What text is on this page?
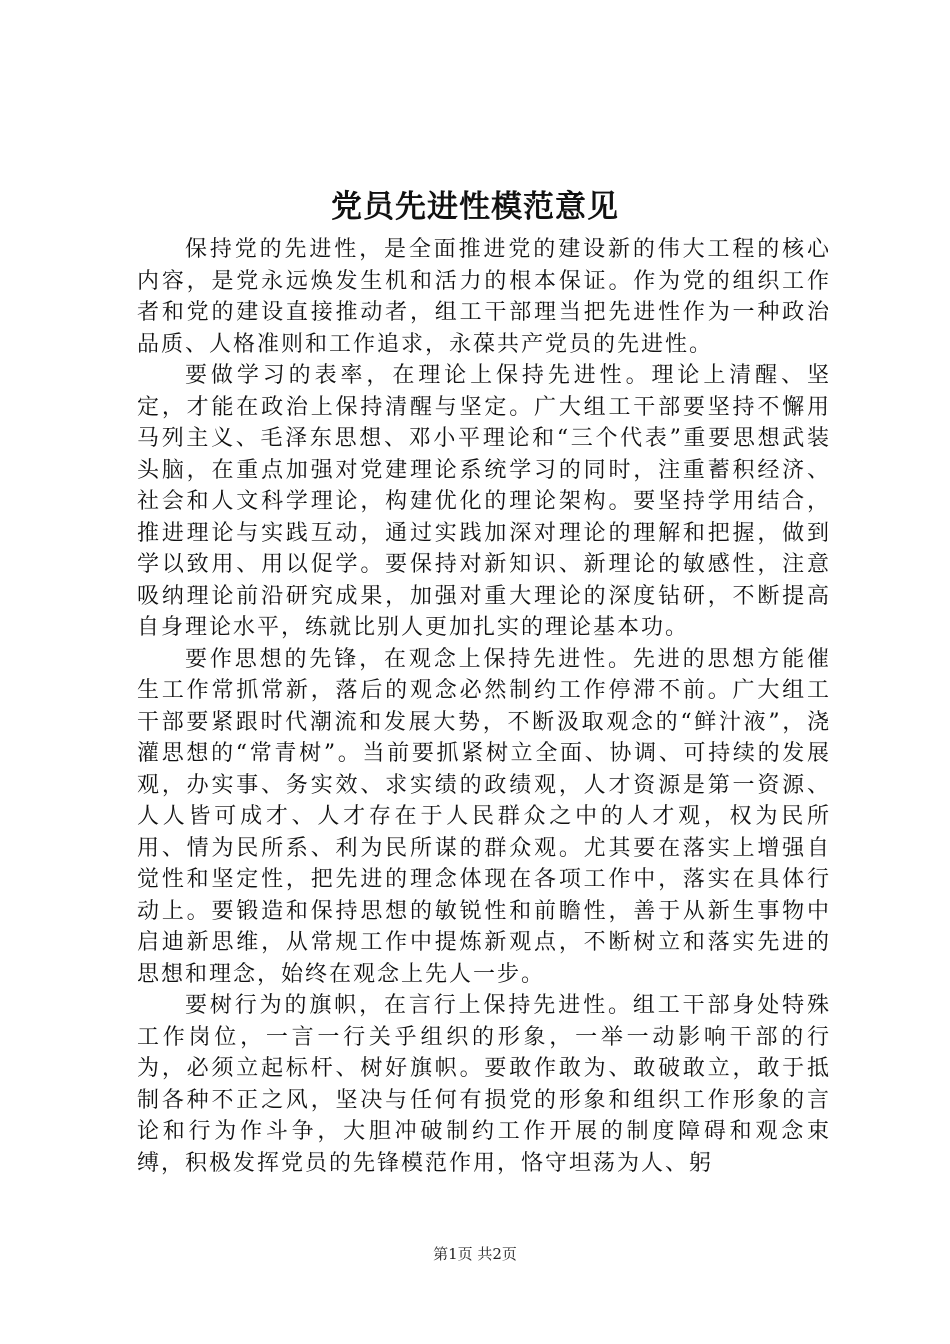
党员先进性模范意见

保持党的先进性，是全面推进党的建设新的伟大工程的核心内容，是党永远焕发生机和活力的根本保证。作为党的组织工作者和党的建设直接推动者，组工干部理当把先进性作为一种政治品质、人格准则和工作追求，永葆共产党员的先进性。

要做学习的表率，在理论上保持先进性。理论上清醒、坚定，才能在政治上保持清醒与坚定。广大组工干部要坚持不懈用马列主义、毛泽东思想、邓小平理论和“三个代表”重要思想武装头脑，在重点加强对党建理论系统学习的同时，注重蓄积经济、社会和人文科学理论，构建优化的理论架构。要坚持学用结合，推进理论与实践互动，通过实践加深对理论的理解和把握，做到学以致用、用以促学。要保持对新知识、新理论的敏感性，注意吸纳理论前沿研究成果，加强对重大理论的深度钻研，不断提高自身理论水平，练就比别人更加扎实的理论基本功。

要作思想的先锋，在观念上保持先进性。先进的思想方能催生工作常抓常新，落后的观念必然制约工作停滞不前。广大组工干部要紧跟时代潮流和发展大势，不断汲取观念的“鲜汁液”，浇灌思想的“常青树”。当前要抓紧树立全面、协调、可持续的发展观，办实事、务实效、求实绩的政绩观，人才资源是第一资源、人人皆可成才、人才存在于人民群众之中的人才观，权为民所用、情为民所系、利为民所谋的群众观。尤其要在落实上增强自觉性和坚定性，把先进的理念体现在各项工作中，落实在具体行动上。要锻造和保持思想的敏锐性和前瞻性，善于从新生事物中启迪新思维，从常规工作中提炼新观点，不断树立和落实先进的思想和理念，始终在观念上先人一步。

要树行为的旗帜，在言行上保持先进性。组工干部身处特殊工作岗位，一言一行关乎组织的形象，一举一动影响干部的行为，必须立起标杆、树好旗帜。要敢作敢为、敢破敢立，敢于抵制各种不正之风，坚决与任何有损党的形象和组织工作形象的言论和行为作斗争，大胆冲破制约工作开展的制度障碍和观念束缚，积极发挥党员的先锋模范作用，恪守坦荡为人、躬

第1页 共2页
